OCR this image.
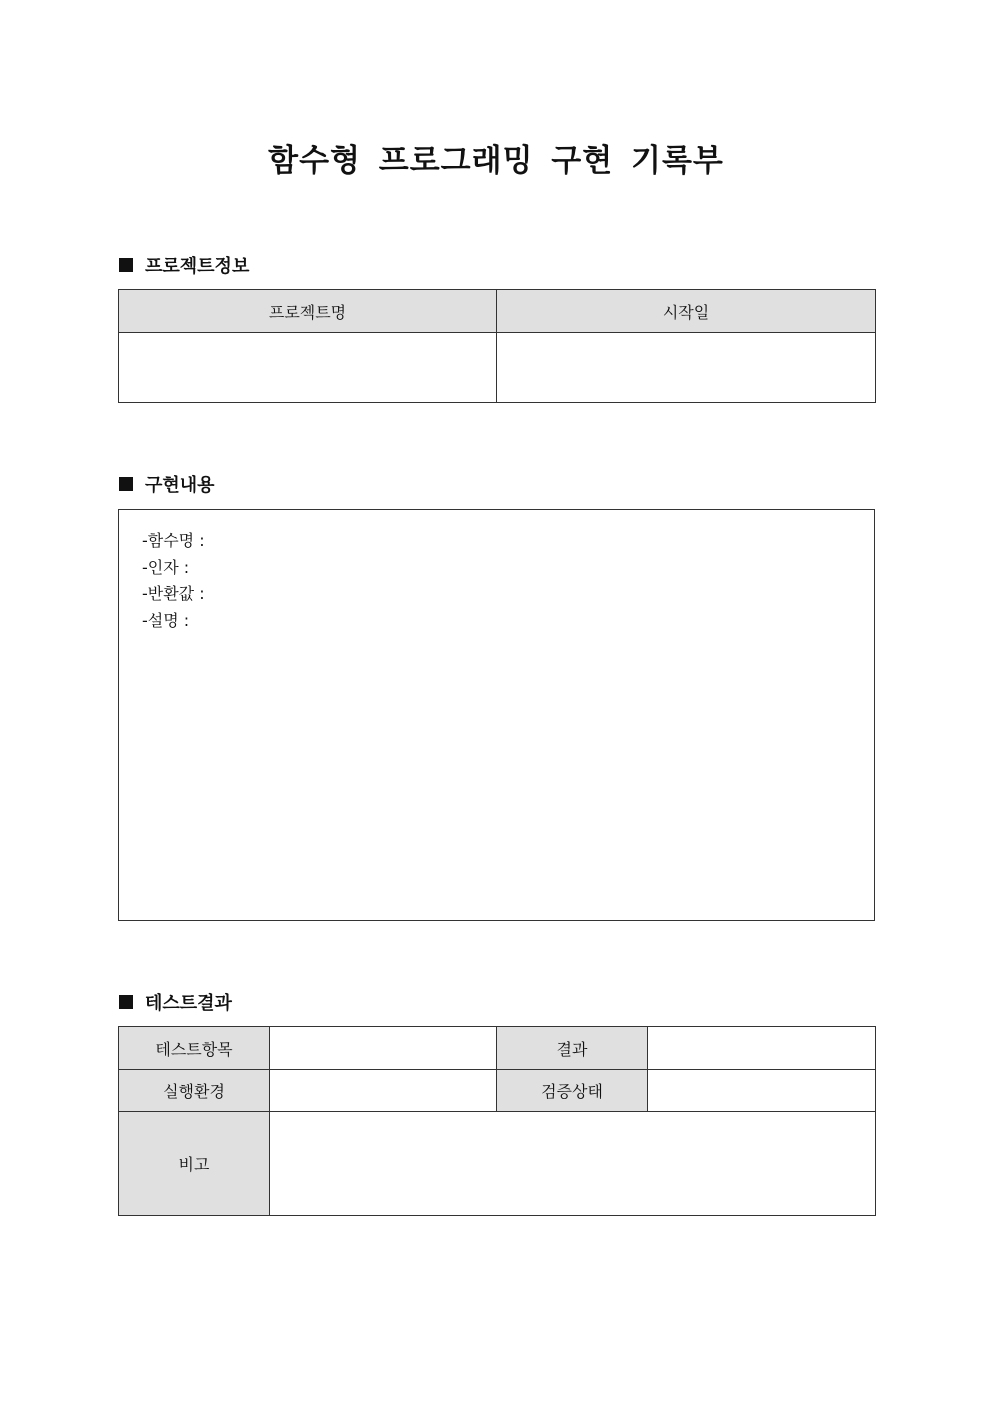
함수형 프로그래밍 구현 기록부
프로젝트정보
프로젝트명	시작일

구현내용
-함수명 :
-인자 :
-반환값 :
-설명 :
테스트결과
테스트항목		결과	
실행환경		검증상태	
비고			
